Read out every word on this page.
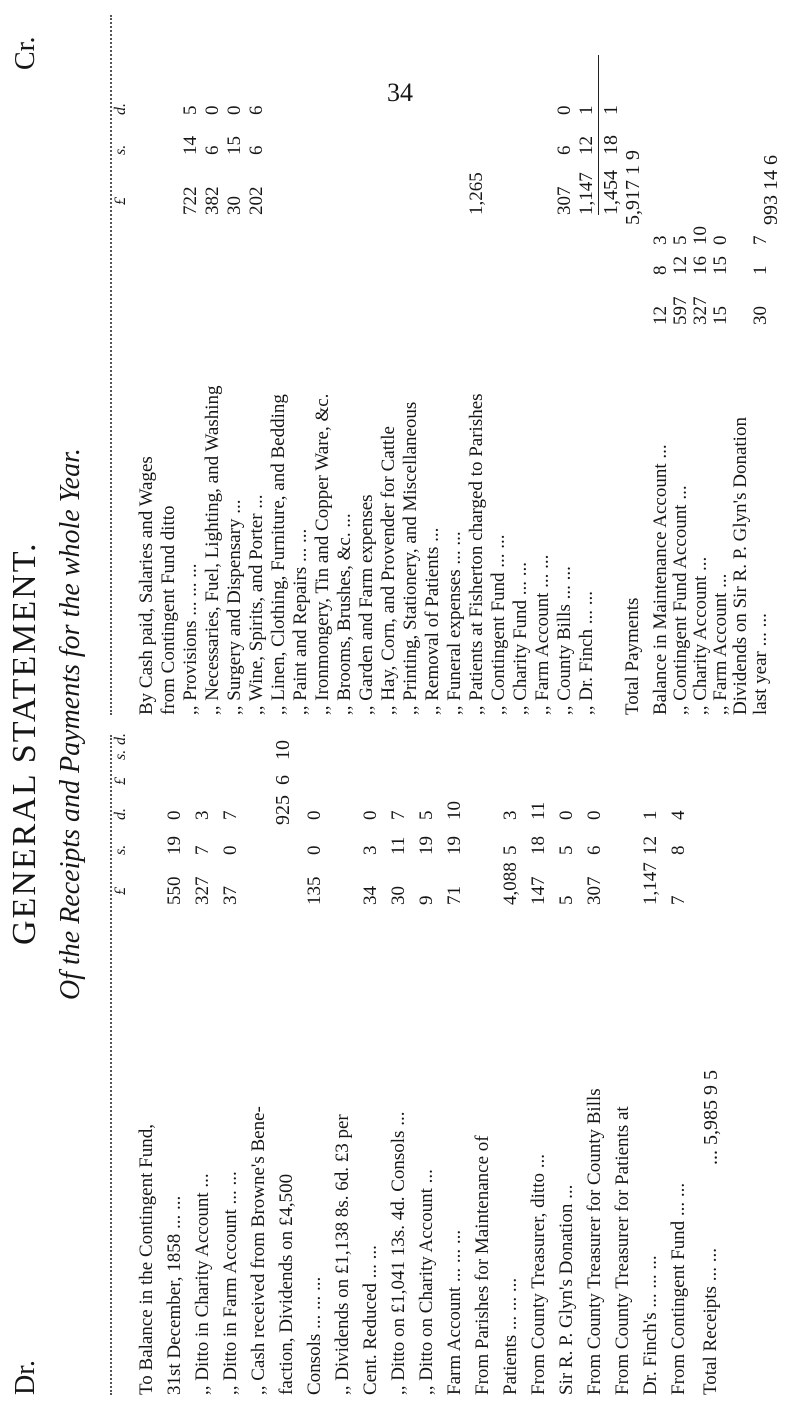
34
Dr.
Cr.
GENERAL STATEMENT. Of the Receipts and Payments for the whole Year. £
s.
d.
£
s.
d.
To Balance in the Contingent Fund, 31st December, 1858 ... ...
550
19
0
,, Ditto in Charity Account ...
327
7
3
,, Ditto in Farm Account ... ...
37
0
7
,, Cash received from Browne's Bene- faction, Dividends on £4,500 Consols ... ... ...
135
0
0
,, Dividends on £1,138 8s. 6d. £3 per Cent. Reduced ... ...
34
3
0
,, Ditto on £1,041 13s. 4d. Consols ...
30
11
7
,, Ditto on Charity Account ...
9
19
5
Farm Account ... ... ...
71
19
10
From Parishes for Maintenance of Patients ... ... ...
4,088
5
3
From County Treasurer, ditto ...
147
18
11
Sir R. P. Glyn's Donation ...
5
5
0
From County Treasurer for County Bills
307
6
0
From County Treasurer for Patients at Dr. Finch's ... ... ...
1,147
12
1
From Contingent Fund ... ...
7
8
4
925
6
10
Total Receipts ... ...
... 5,985 9 5
£
s.
d.
By Cash paid, Salaries and Wages from Contingent Fund ditto ,, Provisions ... ... ...
722
14
5
,, Necessaries, Fuel, Lighting, and Washing
382
6
0
,, Surgery and Dispensary ...
30
15
0
,, Wine, Spirits, and Porter ...
202
6
6
,, Linen, Clothing, Furniture, and Bedding ,, Paint and Repairs ... ... ,, Ironmongery, Tin and Copper Ware, &c. ,, Brooms, Brushes, &c. ... ,, Garden and Farm expenses ,, Hay, Corn, and Provender for Cattle ,, Printing, Stationery, and Miscellaneous ,, Removal of Patients ... ,, Funeral expenses ... ... ,, Patients at Fisherton charged to Parishes
1,265
,, Contingent Fund ... ... ,, Charity Fund ... ... ,, Farm Account ... ... ,, County Bills ... ...
307
6
0
,, Dr. Finch ... ...
1,147
12
1
1,454
18
1
Total Payments
5,917 1 9
Balance in Maintenance Account ...
12
8
3
,, Contingent Fund Account ...
597
12
5
,, Charity Account ...
327
16
10
,, Farm Account ...
15
15
0
Dividends on Sir R. P. Glyn's Donation last year ... ...
30
1
7
993 14 6
